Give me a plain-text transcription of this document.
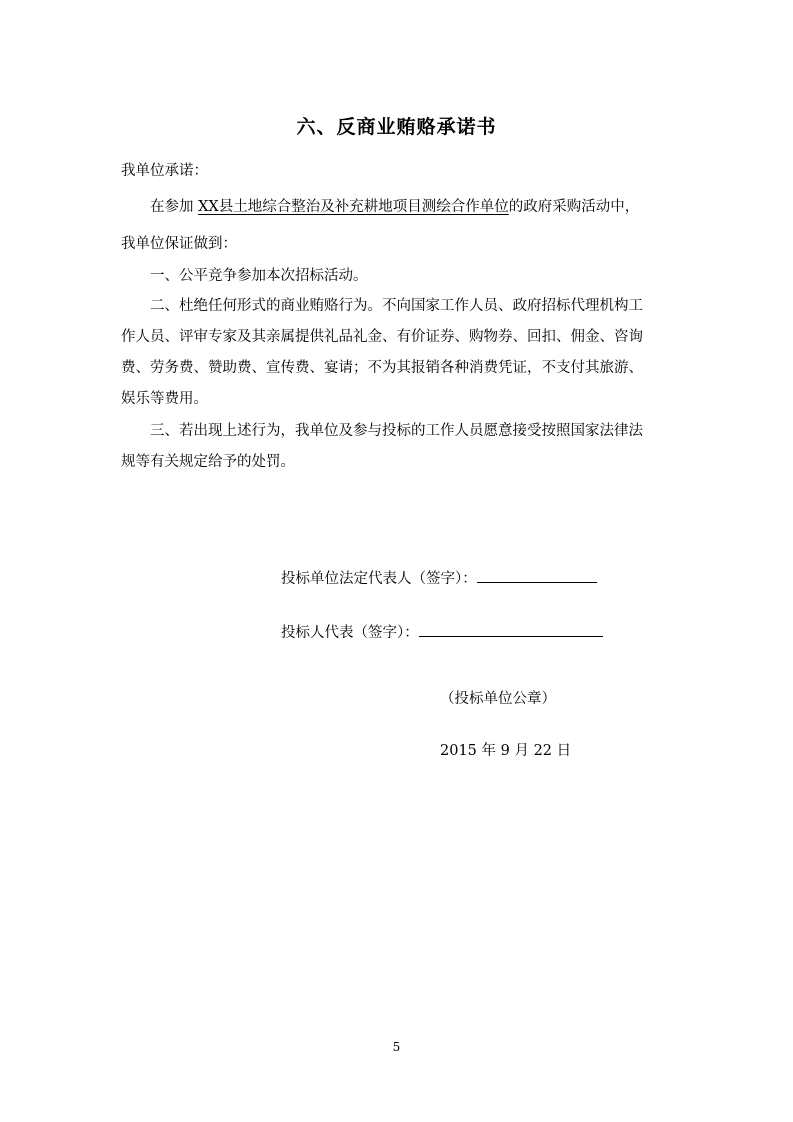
六、反商业贿赂承诺书
我单位承诺：
在参加 XX县土地综合整治及补充耕地项目测绘合作单位的政府采购活动中，
我单位保证做到：
一、公平竞争参加本次招标活动。
二、杜绝任何形式的商业贿赂行为。不向国家工作人员、政府招标代理机构工
作人员、评审专家及其亲属提供礼品礼金、有价证券、购物券、回扣、佣金、咨询
费、劳务费、赞助费、宣传费、宴请；不为其报销各种消费凭证，不支付其旅游、
娱乐等费用。
三、若出现上述行为，我单位及参与投标的工作人员愿意接受按照国家法律法
规等有关规定给予的处罚。
投标单位法定代表人（签字）：
投标人代表（签字）：
（投标单位公章）
2015 年 9 月 22 日
5
